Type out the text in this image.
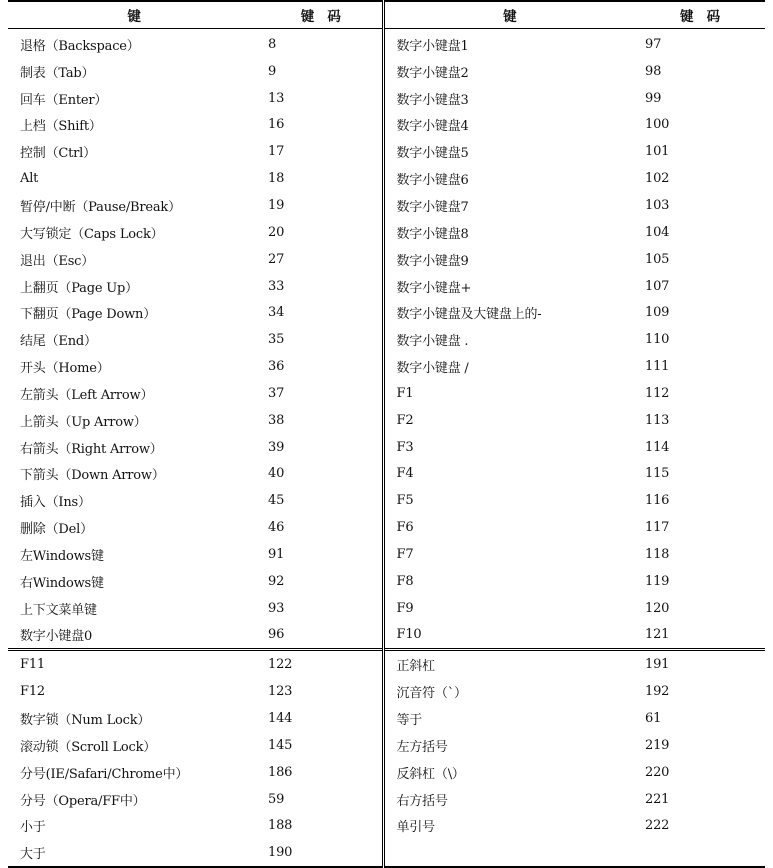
键	键　码	键	键　码
退格（Backspace）	8	数字小键盘1	97
制表（Tab）	9	数字小键盘2	98
回车（Enter）	13	数字小键盘3	99
上档（Shift）	16	数字小键盘4	100
控制（Ctrl）	17	数字小键盘5	101
Alt	18	数字小键盘6	102
暂停/中断（Pause/Break）	19	数字小键盘7	103
大写锁定（Caps Lock）	20	数字小键盘8	104
退出（Esc）	27	数字小键盘9	105
上翻页（Page Up）	33	数字小键盘+	107
下翻页（Page Down）	34	数字小键盘及大键盘上的-	109
结尾（End）	35	数字小键盘 .	110
开头（Home）	36	数字小键盘 /	111
左箭头（Left Arrow）	37	F1	112
上箭头（Up Arrow）	38	F2	113
右箭头（Right Arrow）	39	F3	114
下箭头（Down Arrow）	40	F4	115
插入（Ins）	45	F5	116
删除（Del）	46	F6	117
左Windows键	91	F7	118
右Windows键	92	F8	119
上下文菜单键	93	F9	120
数字小键盘0	96	F10	121
F11	122	正斜杠	191
F12	123	沉音符（`）	192
数字锁（Num Lock）	144	等于	61
滚动锁（Scroll Lock）	145	左方括号	219
分号(IE/Safari/Chrome中）	186	反斜杠（\）	220
分号（Opera/FF中）	59	右方括号	221
小于	188	单引号	222
大于	190		
